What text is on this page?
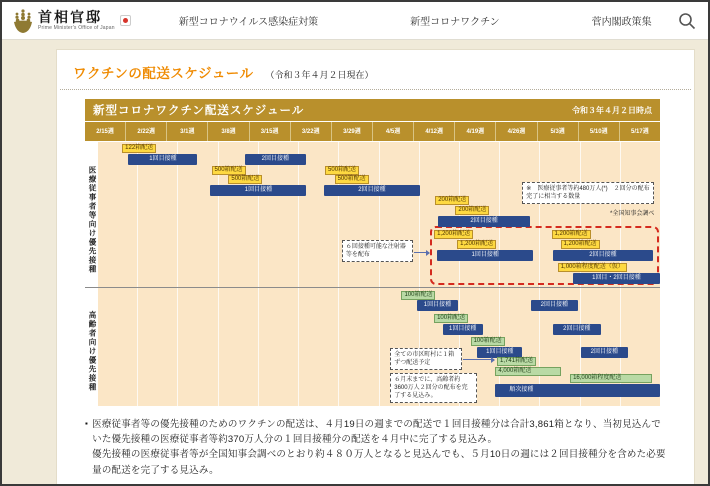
首相官邸
Prime Minister's Office of Japan	新型コロナウイルス感染症対策	新型コロナワクチン	菅内閣政策集
ワクチンの配送スケジュール （令和３年４月２日現在）
新型コロナワクチン配送スケジュール	令和３年４月２日時点
2/15週	2/22週	3/1週	3/8週	3/15週	3/22週	3/29週	4/5週	4/12週	4/19週	4/26週	5/3週	5/10週	5/17週
医療従事者等向け優先接種
高齢者向け優先接種
122箱配送
1回目接種	2回目接種
500箱配送	500箱配送
500箱配送	500箱配送
1回目接種	2回目接種
200箱配送
200箱配送
2回目接種
1,200箱配送
1,200箱配送
1回目接種
1,200箱配送
1,200箱配送
2回目接種
1,000箱程度配送（仮）
1回目・2回目接種
※　医療従事者等約480万人(*)　２回分の配布完了に相当する数量
*全国知事会調べ
６回接種可能な注射器等を配布
100箱配送
1回目接種	2回目接種
100箱配送
1回目接種	2回目接種
100箱配送
1回目接種	2回目接種
1,741箱配送
4,000箱配送
16,000箱程度配送
順次接種
全ての市区町村に１箱ずつ配送予定
６月末までに、高齢者約3600万人２回分の配布を完了する見込み。
▪ 医療従事者等の優先接種のためのワクチンの配送は、４月19日の週までの配送で１回目接種分は合計3,861箱となり、当初見込んでいた優先接種の医療従事者等約370万人分の１回目接種分の配送を４月中に完了する見込み。

優先接種の医療従事者等が全国知事会調べのとおり約４８０万人となると見込んでも、５月10日の週には２回目接種分を含めた必要量の配送を完了する見込み。
